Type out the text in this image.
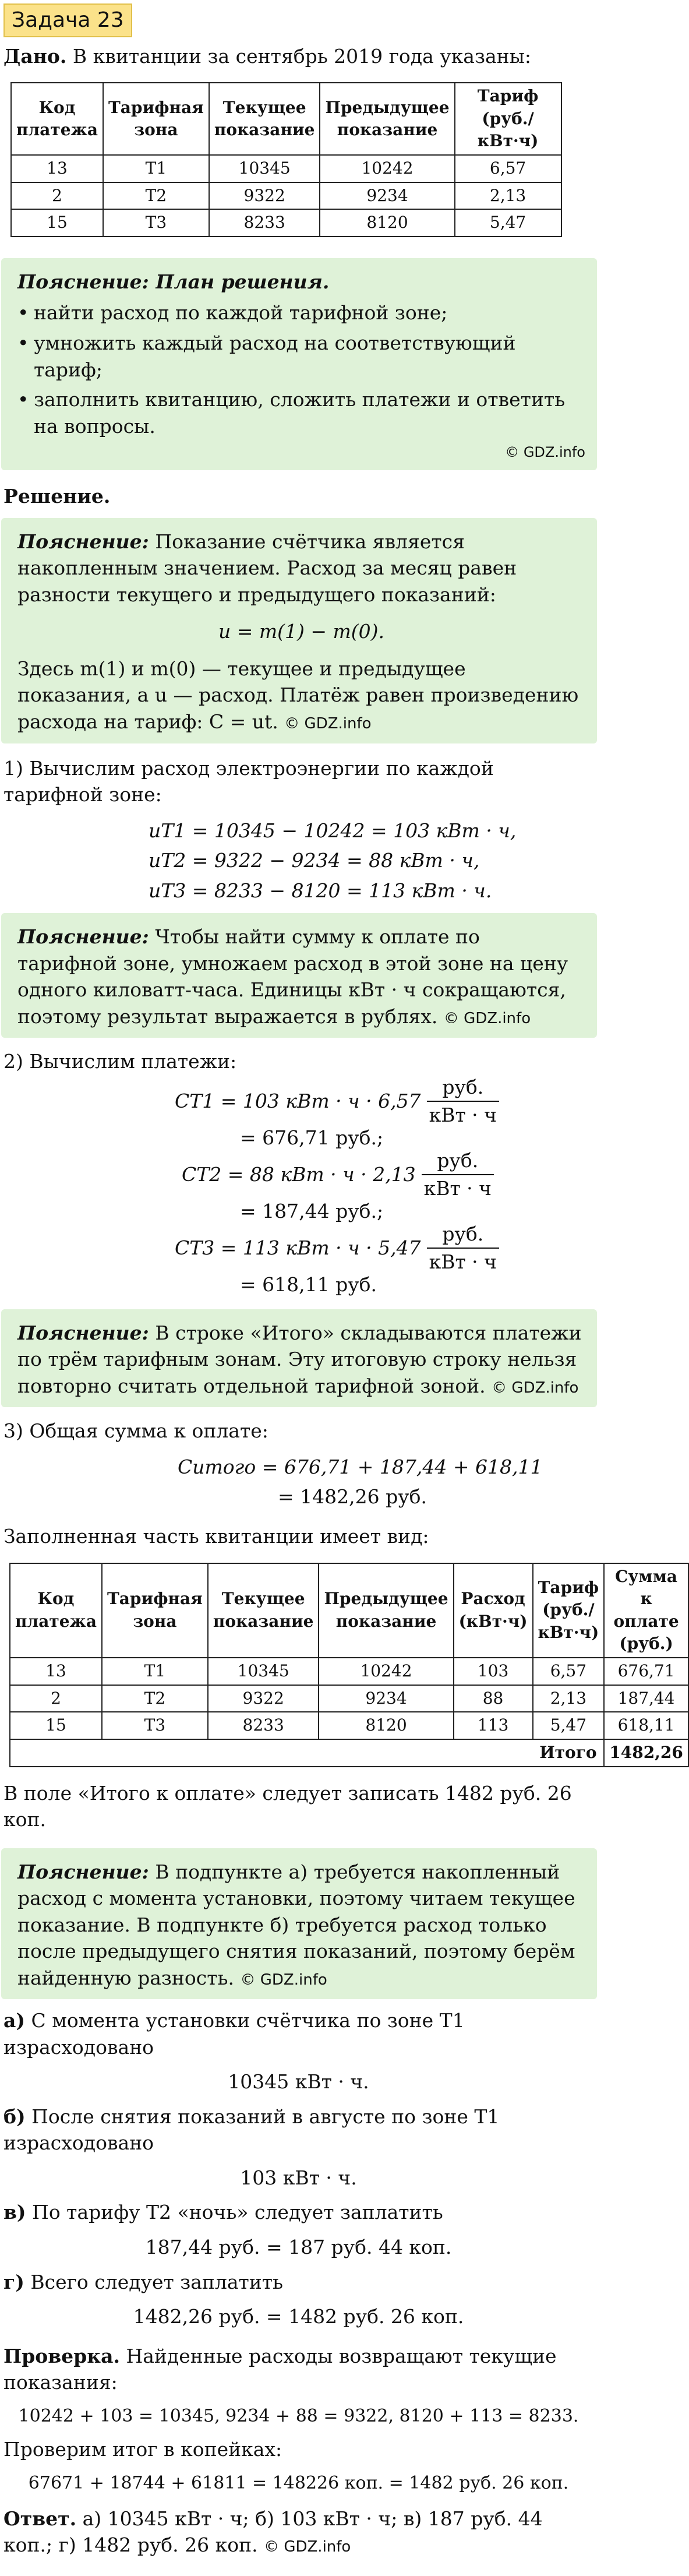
Задача 23

Дано. В квитанции за сентябрь 2019 года указаны:

Код платежа	Тарифная зона	Текущее показание	Предыдущее показание	Тариф (руб./кВт·ч)
13	Т1	10345	10242	6,57
2	Т2	9322	9234	2,13
15	Т3	8233	8120	5,47
Пояснение: План решения.
• найти расход по каждой тарифной зоне;
• умножить каждый расход на соответствующий тариф;
• заполнить квитанцию, сложить платежи и ответить на вопросы.
© GDZ.info

Решение.

Пояснение: Показание счётчика является накопленным значением. Расход за месяц равен разности текущего и предыдущего показаний:
u = m(1) − m(0).
Здесь m(1) и m(0) — текущее и предыдущее показания, а u — расход. Платёж равен произведению расхода на тариф: C = ut. © GDZ.info

1) Вычислим расход электроэнергии по каждой тарифной зоне:

uТ1 = 10345 − 10242 = 103 кВт · ч,
uТ2 = 9322 − 9234 = 88 кВт · ч,
uТ3 = 8233 − 8120 = 113 кВт · ч.
Пояснение: Чтобы найти сумму к оплате по тарифной зоне, умножаем расход в этой зоне на цену одного киловатт-часа. Единицы кВт · ч сокращаются, поэтому результат выражается в рублях. © GDZ.info

2) Вычислим платежи:

CТ1 = 103 кВт · $ч \cdot 6,57 \frac{\text{руб.}}{\text{кВт · ч}}$
= 676,71 руб.;
CТ2 = 88 кВт · $ч \cdot 2,13 \frac{\text{руб.}}{\text{кВт · ч}}$
= 187,44 руб.;
CТ3 = 113 кВт · $ч \cdot 5,47 \frac{\text{руб.}}{\text{кВт · ч}}$
= 618,11 руб.
Пояснение: В строке «Итого» складываются платежи по трём тарифным зонам. Эту итоговую строку нельзя повторно считать отдельной тарифной зоной. © GDZ.info

3) Общая сумма к оплате:

Cитого = 676,71 + 187,44 + 618,11
= 1482,26 руб.

Заполненная часть квитанции имеет вид:

Код платежа	Тарифная зона	Текущее показание	Предыдущее показание	Расход (кВт·ч)	Тариф (руб./ кВт·ч)	Сумма к оплате (руб.)
13	Т1	10345	10242	103	6,57	676,71
2	Т2	9322	9234	88	2,13	187,44
15	Т3	8233	8120	113	5,47	618,11
					Итого	1482,26

В поле «Итого к оплате» следует записать 1482 руб. 26 коп.

Пояснение: В подпункте а) требуется накопленный расход с момента установки, поэтому читаем текущее показание. В подпункте б) требуется расход только после предыдущего снятия показаний, поэтому берём найденную разность. © GDZ.info

а) С момента установки счётчика по зоне Т1 израсходовано

10345 кВт · ч.

б) После снятия показаний в августе по зоне Т1 израсходовано

103 кВт · ч.

в) По тарифу Т2 «ночь» следует заплатить

187,44 руб. = 187 руб. 44 коп.

г) Всего следует заплатить

1482,26 руб. = 1482 руб. 26 коп.

Проверка. Найденные расходы возвращают текущие показания:

10242 + 103 = 10345, 9234 + 88 = 9322, 8120 + 113 = 8233.

Проверим итог в копейках:

67671 + 18744 + 61811 = 148226 коп. = 1482 руб. 26 коп.

Ответ. а) 10345 кВт · ч; б) 103 кВт · ч; в) 187 руб. 44 коп.; г) 1482 руб. 26 коп. © GDZ.info
